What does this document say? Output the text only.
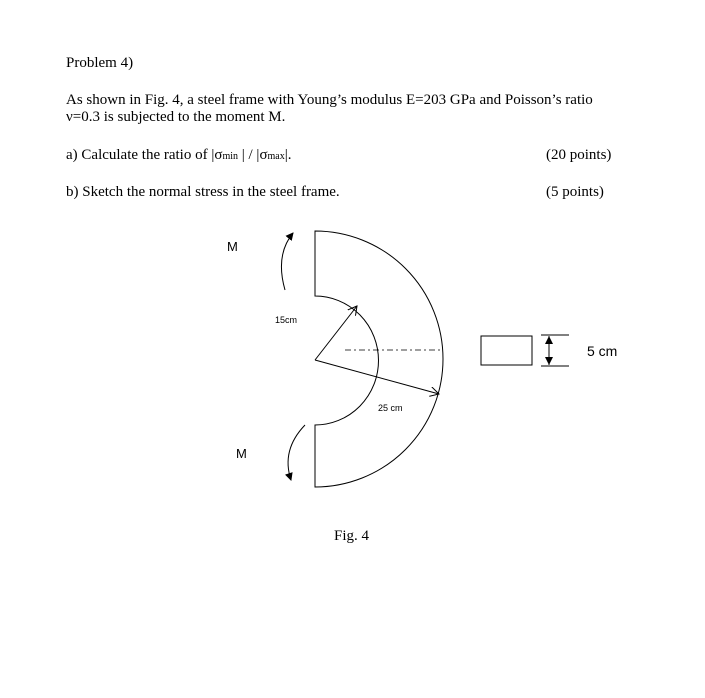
Problem 4)
As shown in Fig. 4, a steel frame with Young’s modulus E=203 GPa and Poisson’s ratio
ν=0.3 is subjected to the moment M.
a) Calculate the ratio of |σmin | / |σmax|.	(20 points)
b) Sketch the normal stress in the steel frame.	(5 points)
M
M
15cm
25 cm
5 cm
Fig. 4
